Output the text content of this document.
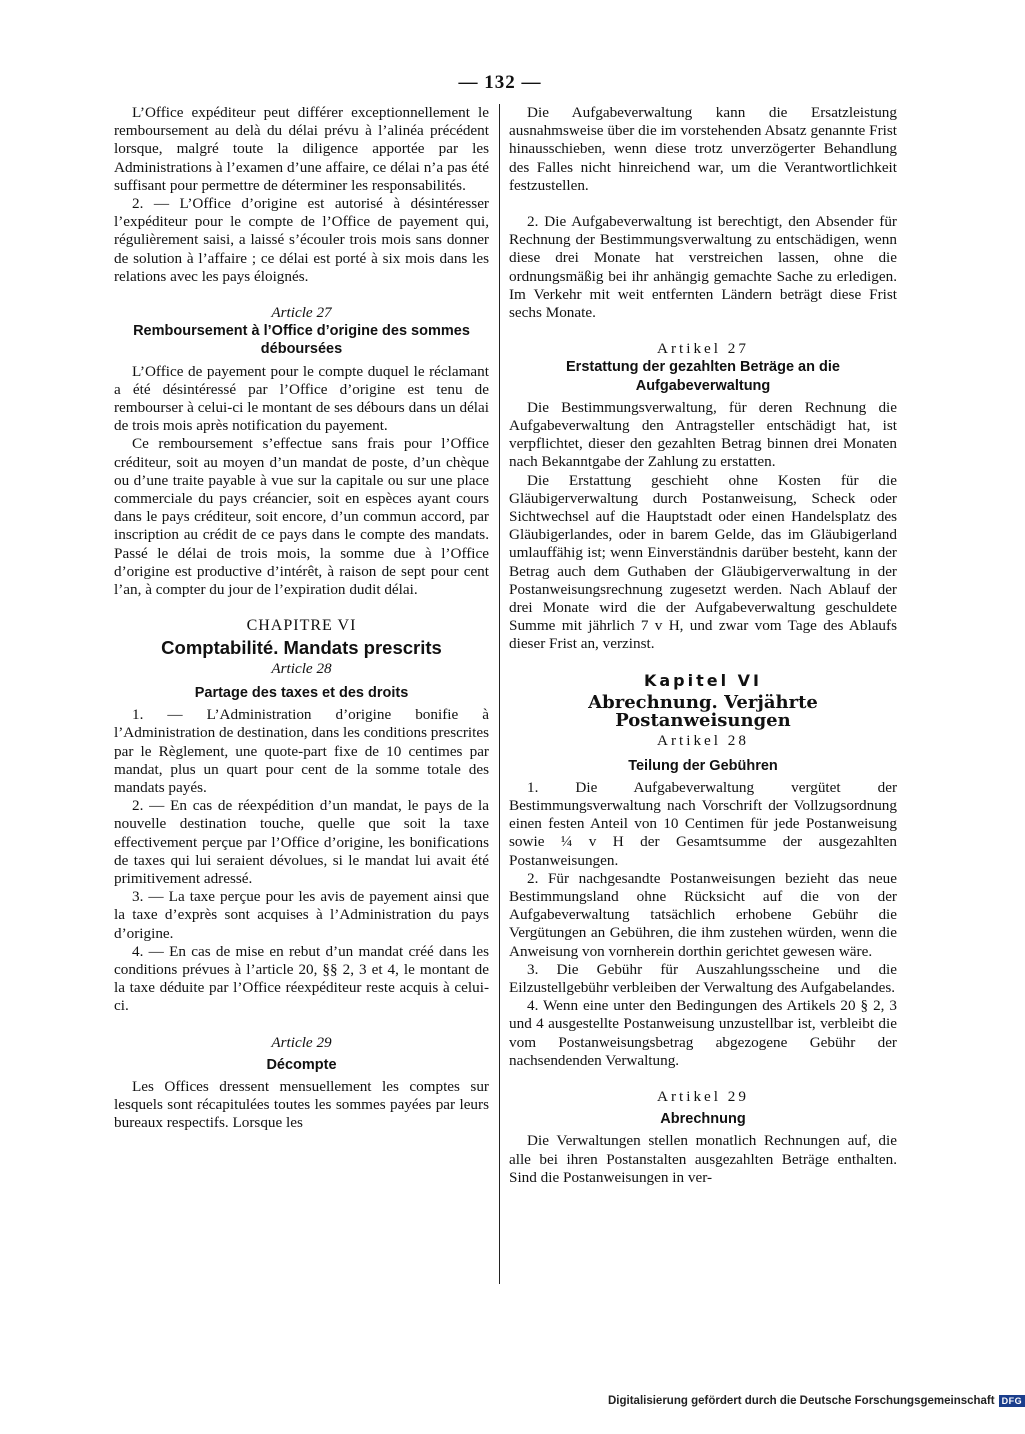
— 132 —

L’Office expéditeur peut différer exceptionnellement le remboursement au delà du délai prévu à l’alinéa précédent lorsque, malgré toute la diligence apportée par les Administrations à l’examen d’une affaire, ce délai n’a pas été suffisant pour permettre de déterminer les responsabilités.

2. — L’Office d’origine est autorisé à désintéresser l’expéditeur pour le compte de l’Office de payement qui, régulièrement saisi, a laissé s’écouler trois mois sans donner de solution à l’affaire ; ce délai est porté à six mois dans les relations avec les pays éloignés.

Article 27
Remboursement à l’Office d’origine des sommes déboursées

L’Office de payement pour le compte duquel le réclamant a été désintéressé par l’Office d’origine est tenu de rembourser à celui-ci le montant de ses débours dans un délai de trois mois après notification du payement.

Ce remboursement s’effectue sans frais pour l’Office créditeur, soit au moyen d’un mandat de poste, d’un chèque ou d’une traite payable à vue sur la capitale ou sur une place commerciale du pays créancier, soit en espèces ayant cours dans le pays créditeur, soit encore, d’un commun accord, par inscription au crédit de ce pays dans le compte des mandats. Passé le délai de trois mois, la somme due à l’Office d’origine est productive d’intérêt, à raison de sept pour cent l’an, à compter du jour de l’expiration dudit délai.

CHAPITRE VI
Comptabilité. Mandats prescrits
Article 28
Partage des taxes et des droits

1. — L’Administration d’origine bonifie à l’Administration de destination, dans les conditions prescrites par le Règlement, une quote-part fixe de 10 centimes par mandat, plus un quart pour cent de la somme totale des mandats payés.

2. — En cas de réexpédition d’un mandat, le pays de la nouvelle destination touche, quelle que soit la taxe effectivement perçue par l’Office d’origine, les bonifications de taxes qui lui seraient dévolues, si le mandat lui avait été primitivement adressé.

3. — La taxe perçue pour les avis de payement ainsi que la taxe d’exprès sont acquises à l’Administration du pays d’origine.

4. — En cas de mise en rebut d’un mandat créé dans les conditions prévues à l’article 20, §§ 2, 3 et 4, le montant de la taxe déduite par l’Office réexpéditeur reste acquis à celui-ci.

Article 29
Décompte

Les Offices dressent mensuellement les comptes sur lesquels sont récapitulées toutes les sommes payées par leurs bureaux respectifs. Lorsque les

Die Aufgabeverwaltung kann die Ersatzleistung ausnahmsweise über die im vorstehenden Absatz genannte Frist hinausschieben, wenn diese trotz unverzögerter Behandlung des Falles nicht hinreichend war, um die Verantwortlichkeit festzustellen.

2. Die Aufgabeverwaltung ist berechtigt, den Absender für Rechnung der Bestimmungsverwaltung zu entschädigen, wenn diese drei Monate hat verstreichen lassen, ohne die ordnungsmäßig bei ihr anhängig gemachte Sache zu erledigen. Im Verkehr mit weit entfernten Ländern beträgt diese Frist sechs Monate.

Artikel 27
Erstattung der gezahlten Beträge an die Aufgabeverwaltung

Die Bestimmungsverwaltung, für deren Rechnung die Aufgabeverwaltung den Antragsteller entschädigt hat, ist verpflichtet, dieser den gezahlten Betrag binnen drei Monaten nach Bekanntgabe der Zahlung zu erstatten.

Die Erstattung geschieht ohne Kosten für die Gläubigerverwaltung durch Postanweisung, Scheck oder Sichtwechsel auf die Hauptstadt oder einen Handelsplatz des Gläubigerlandes, oder in barem Gelde, das im Gläubigerland umlauffähig ist; wenn Einverständnis darüber besteht, kann der Betrag auch dem Guthaben der Gläubigerverwaltung in der Postanweisungsrechnung zugesetzt werden. Nach Ablauf der drei Monate wird die der Aufgabeverwaltung geschuldete Summe mit jährlich 7 v H, und zwar vom Tage des Ablaufs dieser Frist an, verzinst.

Kapitel VI
Abrechnung. Verjährte Postanweisungen
Artikel 28
Teilung der Gebühren

1. Die Aufgabeverwaltung vergütet der Bestimmungsverwaltung nach Vorschrift der Vollzugsordnung einen festen Anteil von 10 Centimen für jede Postanweisung sowie ¼ v H der Gesamtsumme der ausgezahlten Postanweisungen.

2. Für nachgesandte Postanweisungen bezieht das neue Bestimmungsland ohne Rücksicht auf die von der Aufgabeverwaltung tatsächlich erhobene Gebühr die Vergütungen an Gebühren, die ihm zustehen würden, wenn die Anweisung von vornherein dorthin gerichtet gewesen wäre.

3. Die Gebühr für Auszahlungsscheine und die Eilzustellgebühr verbleiben der Verwaltung des Aufgabelandes.

4. Wenn eine unter den Bedingungen des Artikels 20 § 2, 3 und 4 ausgestellte Postanweisung unzustellbar ist, verbleibt die vom Postanweisungsbetrag abgezogene Gebühr der nachsendenden Verwaltung.

Artikel 29
Abrechnung

Die Verwaltungen stellen monatlich Rechnungen auf, die alle bei ihren Postanstalten ausgezahlten Beträge enthalten. Sind die Postanweisungen in ver-

Digitalisierung gefördert durch die Deutsche Forschungsgemeinschaft DFG
